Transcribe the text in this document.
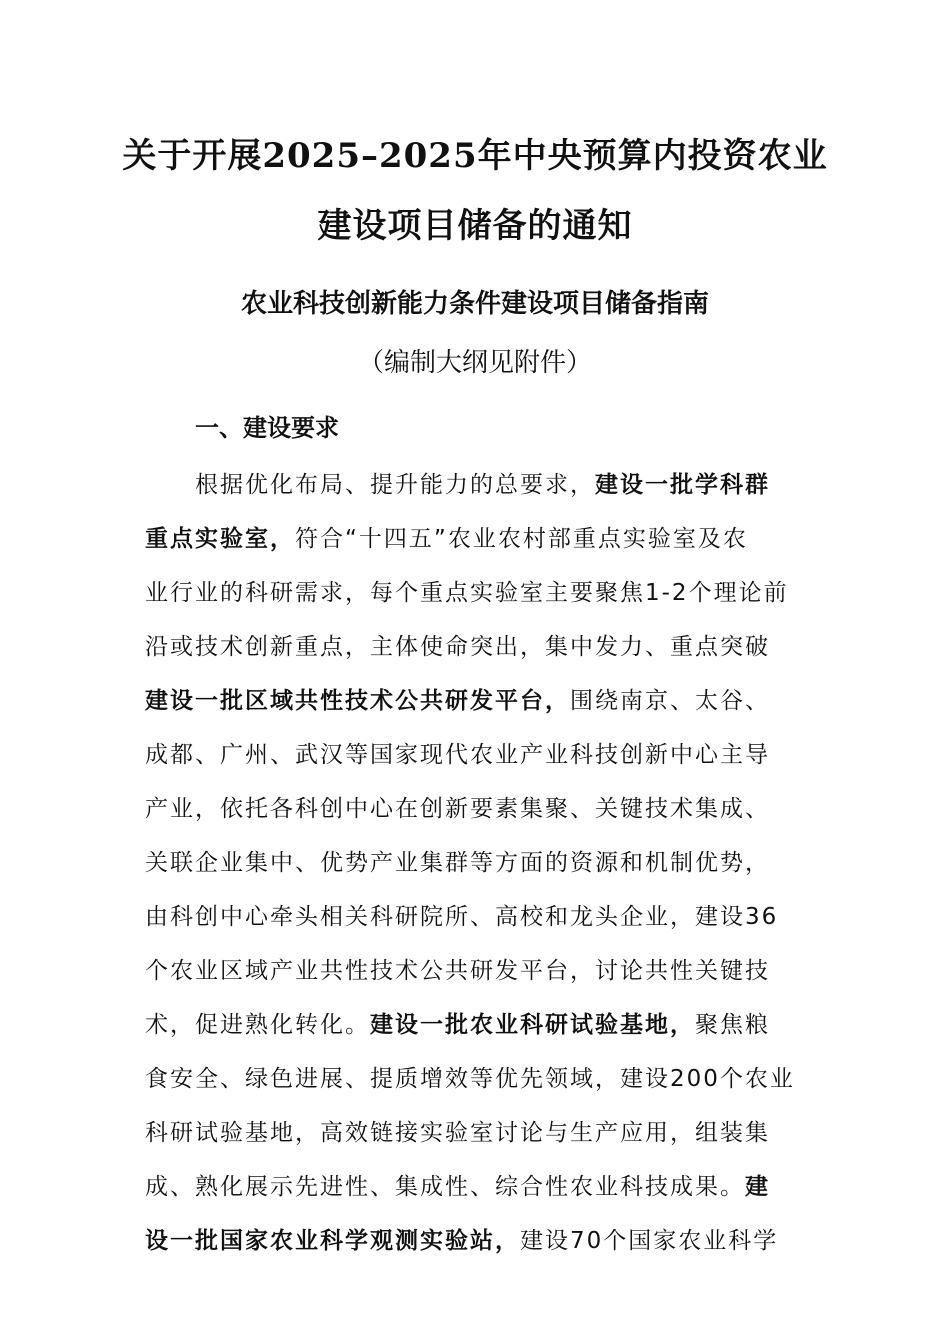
关于开展2025–2025年中央预算内投资农业
建设项目储备的通知
农业科技创新能力条件建设项目储备指南

（编制大纲见附件）

一、建设要求
根据优化布局、提升能力的总要求，建设一批学科群
重点实验室，符合“十四五”农业农村部重点实验室及农
业行业的科研需求，每个重点实验室主要聚焦1-2个理论前
沿或技术创新重点，主体使命突出，集中发力、重点突破
建设一批区域共性技术公共研发平台，围绕南京、太谷、
成都、广州、武汉等国家现代农业产业科技创新中心主导
产业，依托各科创中心在创新要素集聚、关键技术集成、
关联企业集中、优势产业集群等方面的资源和机制优势，
由科创中心牵头相关科研院所、高校和龙头企业，建设36
个农业区域产业共性技术公共研发平台，讨论共性关键技
术，促进熟化转化。建设一批农业科研试验基地，聚焦粮
食安全、绿色进展、提质增效等优先领域，建设200个农业
科研试验基地，高效链接实验室讨论与生产应用，组装集
成、熟化展示先进性、集成性、综合性农业科技成果。建
设一批国家农业科学观测实验站，建设70个国家农业科学
